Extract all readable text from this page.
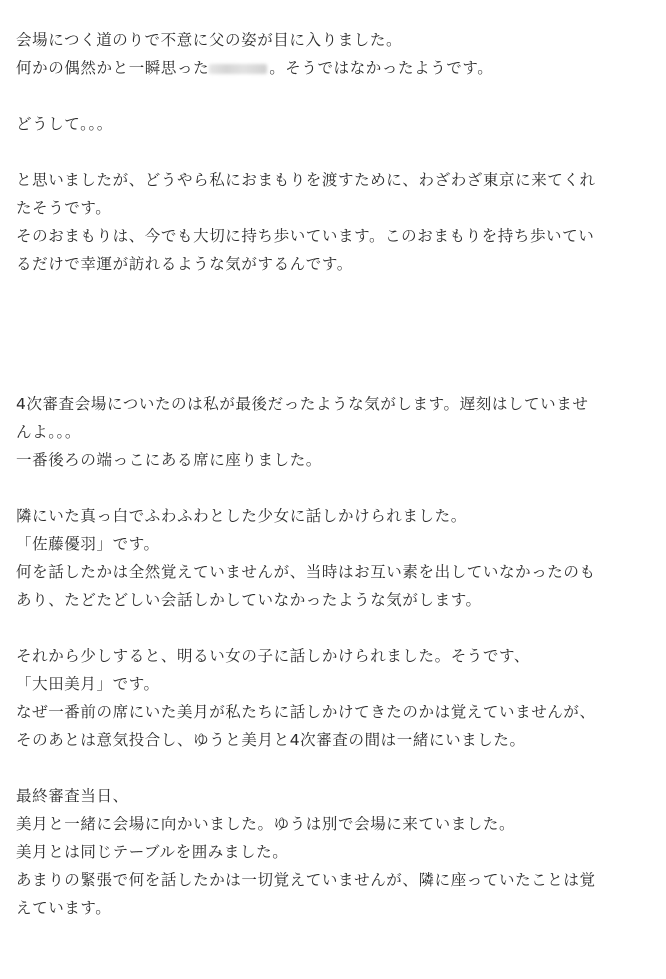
会場につく道のりで不意に父の姿が目に入りました。
何かの偶然かと一瞬思った	。そうではなかったようです。
どうして。。。
と思いましたが、どうやら私におまもりを渡すために、わざわざ東京に来てくれ
たそうです。
そのおまもりは、今でも大切に持ち歩いています。このおまもりを持ち歩いてい
るだけで幸運が訪れるような気がするんです。
4次審査会場についたのは私が最後だったような気がします。遅刻はしていませ
んよ。。。
一番後ろの端っこにある席に座りました。
隣にいた真っ白でふわふわとした少女に話しかけられました。
「佐藤優羽」です。
何を話したかは全然覚えていませんが、当時はお互い素を出していなかったのも
あり、たどたどしい会話しかしていなかったような気がします。
それから少しすると、明るい女の子に話しかけられました。そうです、
「大田美月」です。
なぜ一番前の席にいた美月が私たちに話しかけてきたのかは覚えていませんが、
そのあとは意気投合し、ゆうと美月と4次審査の間は一緒にいました。
最終審査当日、
美月と一緒に会場に向かいました。ゆうは別で会場に来ていました。
美月とは同じテーブルを囲みました。
あまりの緊張で何を話したかは一切覚えていませんが、隣に座っていたことは覚
えています。
